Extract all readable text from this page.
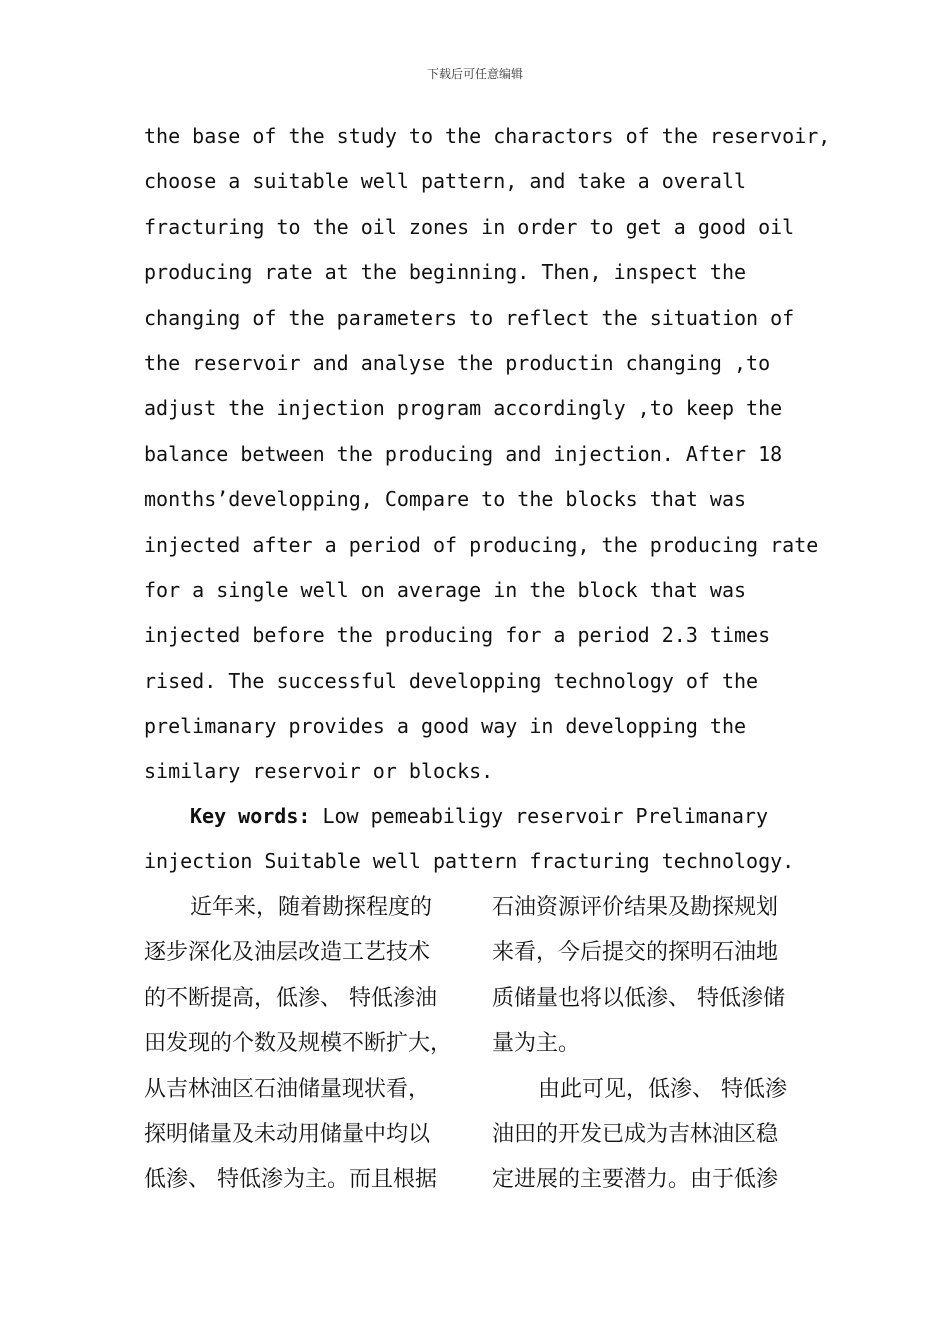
下载后可任意编辑
the base of the study to the charactors of the reservoir,
choose a suitable well pattern, and take a overall
fracturing to the oil zones in order to get a good oil
producing rate at the beginning. Then, inspect the
changing of the parameters to reflect the situation of
the reservoir and analyse the productin changing ,to
adjust the injection program accordingly ,to keep the
balance between the producing and injection. After 18
months’developping, Compare to the blocks that was
injected after a period of producing, the producing rate
for a single well on average in the block that was
injected before the producing for a period 2.3 times
rised. The successful developping technology of the
prelimanary provides a good way in developping the
similary reservoir or blocks.
Key words: Low pemeabiligy reservoir Prelimanary
injection Suitable well pattern fracturing technology.
近年来，随着勘探程度的
逐步深化及油层改造工艺技术
的不断提高，低渗、 特低渗油
田发现的个数及规模不断扩大，
从吉林油区石油储量现状看，
探明储量及未动用储量中均以
低渗、 特低渗为主。而且根据
石油资源评价结果及勘探规划
来看，今后提交的探明石油地
质储量也将以低渗、 特低渗储
量为主。
由此可见，低渗、 特低渗
油田的开发已成为吉林油区稳
定进展的主要潜力。由于低渗
